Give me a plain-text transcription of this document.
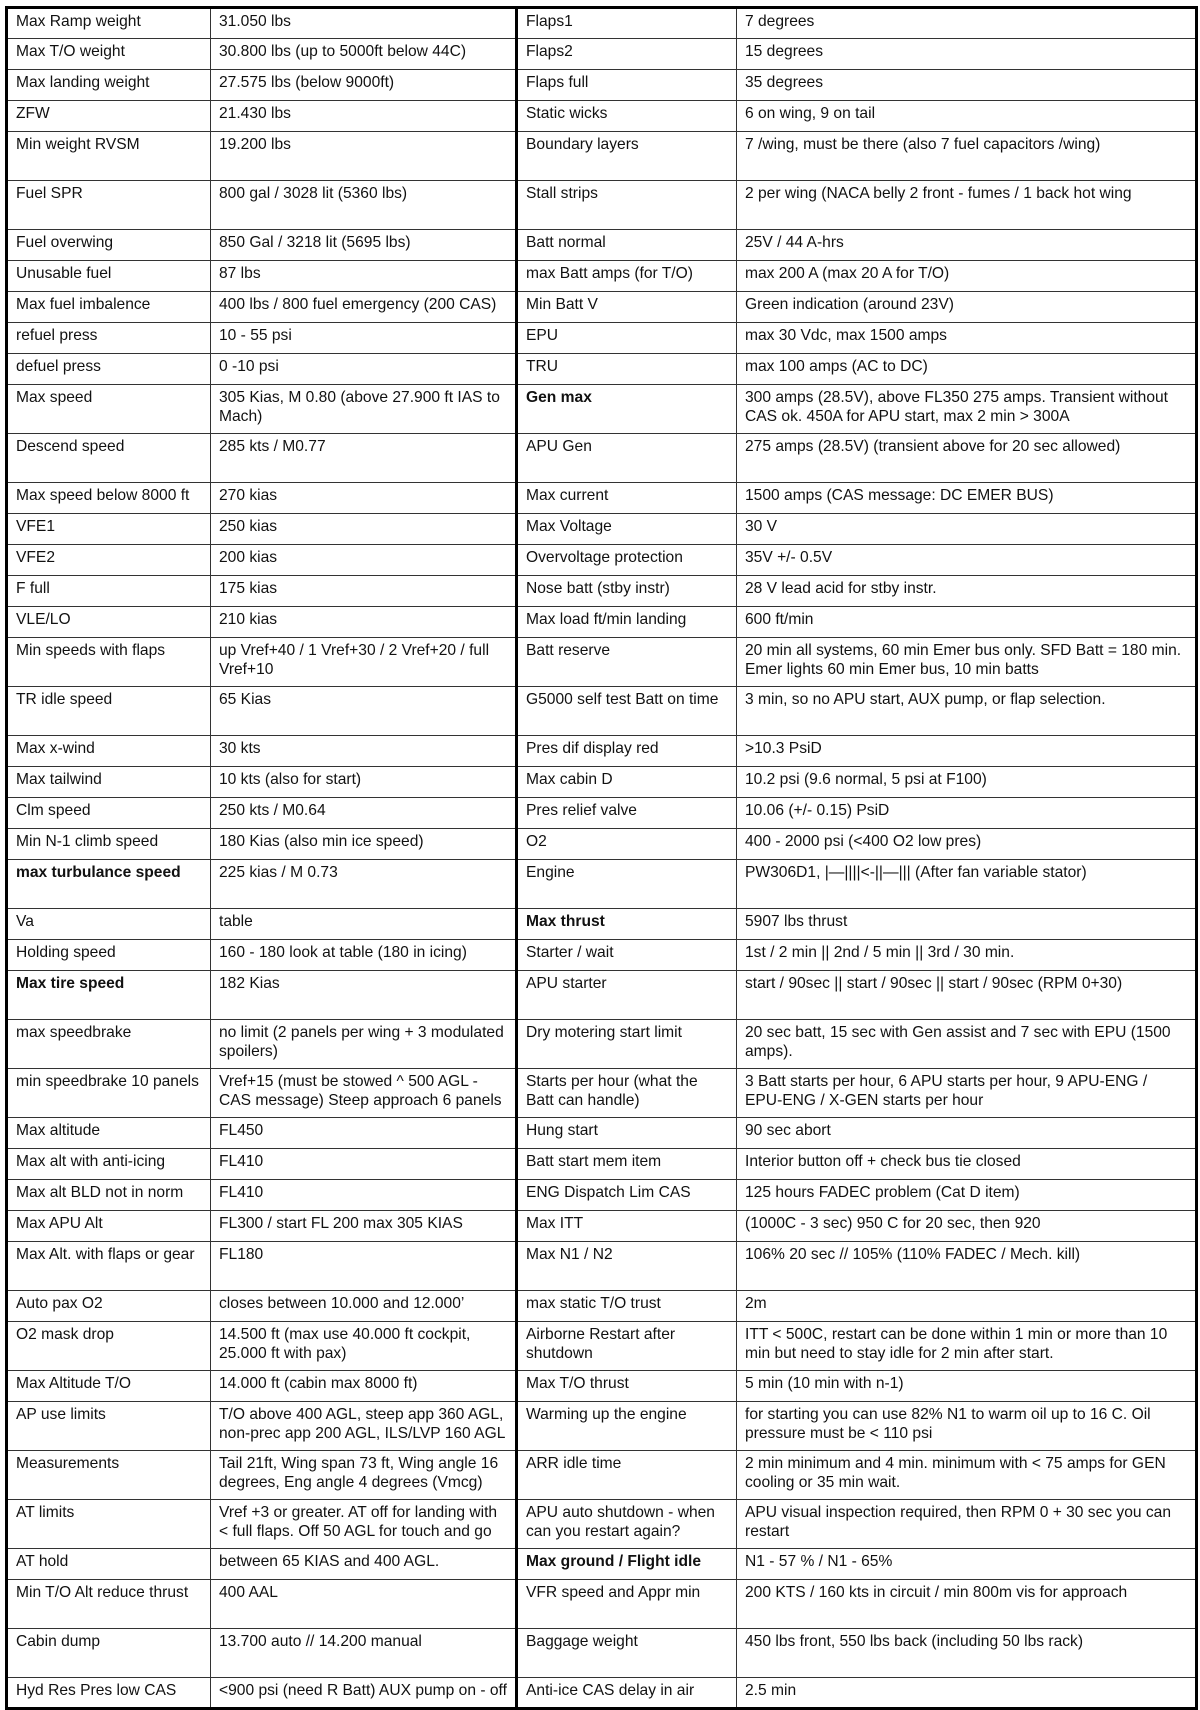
Max Ramp weight	31.050 lbs	Flaps1	7 degrees
Max T/O weight	30.800 lbs (up to 5000ft below 44C)	Flaps2	15 degrees
Max landing weight	27.575 lbs (below 9000ft)	Flaps full	35 degrees
ZFW	21.430 lbs	Static wicks	6 on wing, 9 on tail
Min weight RVSM	19.200 lbs	Boundary layers	7 /wing, must be there (also 7 fuel capacitors /wing)
Fuel SPR	800 gal / 3028 lit (5360 lbs)	Stall strips	2 per wing (NACA belly 2 front - fumes / 1 back hot wing
Fuel overwing	850 Gal / 3218 lit (5695 lbs)	Batt normal	25V / 44 A-hrs
Unusable fuel	87 lbs	max Batt amps (for T/O)	max 200 A (max 20 A for T/O)
Max fuel imbalence	400 lbs / 800 fuel emergency (200 CAS)	Min Batt V	Green indication (around 23V)
refuel press	10 - 55 psi	EPU	max 30 Vdc, max 1500 amps
defuel press	0 -10 psi	TRU	max 100 amps (AC to DC)
Max speed	305 Kias, M 0.80 (above 27.900 ft IAS to Mach)	Gen max	300 amps (28.5V), above FL350 275 amps. Transient without CAS ok. 450A for APU start, max 2 min > 300A
Descend speed	285 kts / M0.77	APU Gen	275 amps (28.5V) (transient above for 20 sec allowed)
Max speed below 8000 ft	270 kias	Max current	1500 amps (CAS message: DC EMER BUS)
VFE1	250 kias	Max Voltage	30 V
VFE2	200 kias	Overvoltage protection	35V +/- 0.5V
F full	175 kias	Nose batt (stby instr)	28 V lead acid for stby instr.
VLE/LO	210 kias	Max load ft/min landing	600 ft/min
Min speeds with flaps	up Vref+40 / 1 Vref+30 / 2 Vref+20 / full Vref+10	Batt reserve	20 min all systems, 60 min Emer bus only. SFD Batt = 180 min. Emer lights 60 min Emer bus, 10 min batts
TR idle speed	65 Kias	G5000 self test Batt on time	3 min, so no APU start, AUX pump, or flap selection.
Max x-wind	30 kts	Pres dif display red	>10.3 PsiD
Max tailwind	10 kts (also for start)	Max cabin D	10.2 psi (9.6 normal, 5 psi at F100)
Clm speed	250 kts / M0.64	Pres relief valve	10.06 (+/- 0.15) PsiD
Min N-1 climb speed	180 Kias (also min ice speed)	O2	400 - 2000 psi (<400 O2 low pres)
max turbulance speed	225 kias / M 0.73	Engine	PW306D1, |—||||<-||—||| (After fan variable stator)
Va	table	Max thrust	5907 lbs thrust
Holding speed	160 - 180 look at table (180 in icing)	Starter / wait	1st / 2 min || 2nd / 5 min || 3rd / 30 min.
Max tire speed	182 Kias	APU starter	start / 90sec || start / 90sec || start / 90sec (RPM 0+30)
max speedbrake	no limit (2 panels per wing + 3 modulated spoilers)	Dry motering start limit	20 sec batt, 15 sec with Gen assist and 7 sec with EPU (1500 amps).
min speedbrake 10 panels	Vref+15 (must be stowed ^ 500 AGL - CAS message) Steep approach 6 panels	Starts per hour (what the Batt can handle)	3 Batt starts per hour, 6 APU starts per hour, 9 APU-ENG / EPU-ENG / X-GEN starts per hour
Max altitude	FL450	Hung start	90 sec abort
Max alt with anti-icing	FL410	Batt start mem item	Interior button off + check bus tie closed
Max alt BLD not in norm	FL410	ENG Dispatch Lim CAS	125 hours FADEC problem (Cat D item)
Max APU Alt	FL300 / start FL 200 max 305 KIAS	Max ITT	(1000C - 3 sec) 950 C for 20 sec, then 920
Max Alt. with flaps or gear	FL180	Max N1 / N2	106% 20 sec // 105% (110% FADEC / Mech. kill)
Auto pax O2	closes between 10.000 and 12.000’	max static T/O trust	2m
O2 mask drop	14.500 ft (max use 40.000 ft cockpit, 25.000 ft with pax)	Airborne Restart after shutdown	ITT < 500C, restart can be done within 1 min or more than 10 min but need to stay idle for 2 min after start.
Max Altitude T/O	14.000 ft (cabin max 8000 ft)	Max T/O thrust	5 min (10 min with n-1)
AP use limits	T/O above 400 AGL, steep app 360 AGL, non-prec app 200 AGL, ILS/LVP 160 AGL	Warming up the engine	for starting you can use 82% N1 to warm oil up to 16 C. Oil pressure must be < 110 psi
Measurements	Tail 21ft, Wing span 73 ft, Wing angle 16 degrees, Eng angle 4 degrees (Vmcg)	ARR idle time	2 min minimum and 4 min. minimum with < 75 amps for GEN cooling or 35 min wait.
AT limits	Vref +3 or greater. AT off for landing with < full flaps. Off 50 AGL for touch and go	APU auto shutdown - when can you restart again?	APU visual inspection required, then RPM 0 + 30 sec you can restart
AT hold	between 65 KIAS and 400 AGL.	Max ground / Flight idle	N1 - 57 % / N1 - 65%
Min T/O Alt reduce thrust	400 AAL	VFR speed and Appr min	200 KTS / 160 kts in circuit / min 800m vis for approach
Cabin dump	13.700 auto // 14.200 manual	Baggage weight	450 lbs front, 550 lbs back (including 50 lbs rack)
Hyd Res Pres low CAS	<900 psi (need R Batt) AUX pump on - off	Anti-ice CAS delay in air	2.5 min
